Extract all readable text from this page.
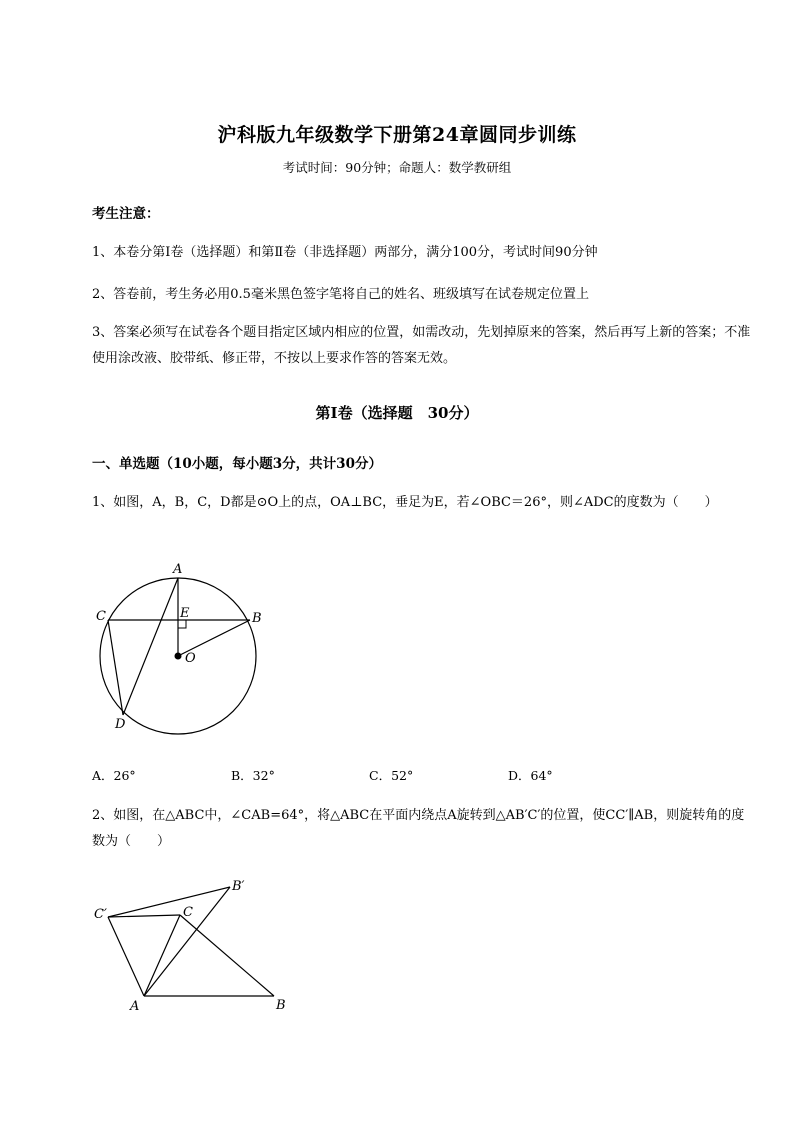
沪科版九年级数学下册第24章圆同步训练
考试时间：90分钟；命题人：数学教研组
考生注意：
1、本卷分第I卷（选择题）和第Ⅱ卷（非选择题）两部分，满分100分，考试时间90分钟
2、答卷前，考生务必用0.5毫米黑色签字笔将自己的姓名、班级填写在试卷规定位置上
3、答案必须写在试卷各个题目指定区域内相应的位置，如需改动，先划掉原来的答案，然后再写上新的答案；不准使用涂改液、胶带纸、修正带，不按以上要求作答的答案无效。
第I卷（选择题　30分）
一、单选题（10小题，每小题3分，共计30分）
1、如图，A，B，C，D都是⊙O上的点，OA⊥BC，垂足为E，若∠OBC＝26°，则∠ADC的度数为（　　）
A
B
C
D
E
O
A．26°	B．32°	C．52°	D．64°
2、如图，在△ABC中，∠CAB=64°，将△ABC在平面内绕点A旋转到△AB′C′的位置，使CC′∥AB，则旋转角的度数为（　　）
A	B
C
B′
C′
